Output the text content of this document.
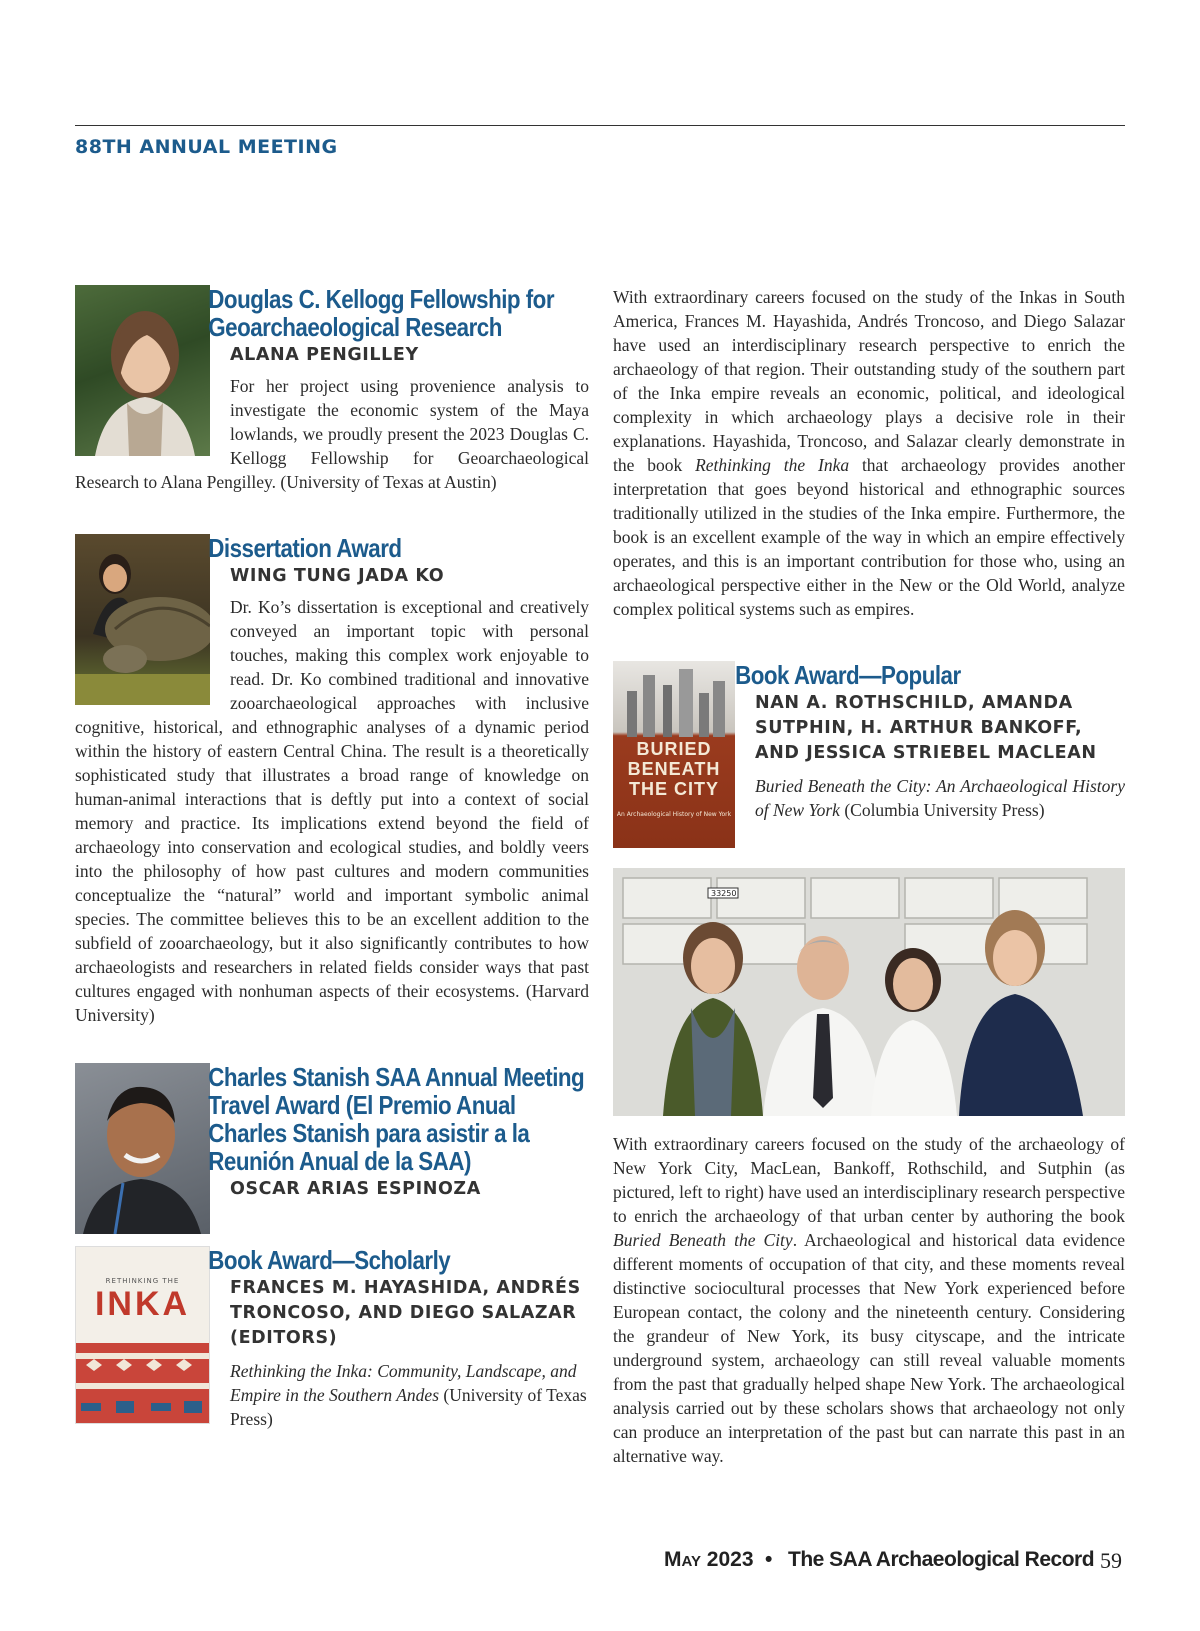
88TH ANNUAL MEETING
Douglas C. Kellogg Fellowship for Geoarchaeological Research
ALANA PENGILLEY

For her project using provenience analysis to investigate the economic system of the Maya lowlands, we proudly present the 2023 Douglas C. Kellogg Fellowship for Geoarchaeological Research to Alana Pengilley. (University of Texas at Austin)

Dissertation Award
WING TUNG JADA KO

Dr. Ko’s dissertation is exceptional and creatively conveyed an important topic with personal touches, making this complex work enjoyable to read. Dr. Ko combined traditional and innovative zooarchaeological approaches with inclusive cognitive, historical, and ethnographic analyses of a dynamic period within the history of eastern Central China. The result is a theoretically sophisticated study that illustrates a broad range of knowledge on human-animal interactions that is deftly put into a context of social memory and practice. Its implications extend beyond the field of archaeology into conservation and ecological studies, and boldly veers into the philosophy of how past cultures and modern communities conceptualize the “natural” world and important symbolic animal species. The committee believes this to be an excellent addition to the subfield of zooarchaeology, but it also significantly contributes to how archaeologists and researchers in related fields consider ways that past cultures engaged with nonhuman aspects of their ecosystems. (Harvard University)

Charles Stanish SAA Annual Meeting Travel Award (El Premio Anual Charles Stanish para asistir a la Reunión Anual de la SAA)
OSCAR ARIAS ESPINOZA
RETHINKING THE
INKA
Book Award—Scholarly
FRANCES M. HAYASHIDA, ANDRÉS TRONCOSO, AND DIEGO SALAZAR (EDITORS)

Rethinking the Inka: Community, Landscape, and Empire in the Southern Andes (University of Texas Press)

With extraordinary careers focused on the study of the Inkas in South America, Frances M. Hayashida, Andrés Troncoso, and Diego Salazar have used an interdisciplinary research perspective to enrich the archaeology of that region. Their outstanding study of the southern part of the Inka empire reveals an economic, political, and ideological complexity in which archaeology plays a decisive role in their explanations. Hayashida, Troncoso, and Salazar clearly demonstrate in the book Rethinking the Inka that archaeology provides another interpretation that goes beyond historical and ethnographic sources traditionally utilized in the studies of the Inka empire. Furthermore, the book is an excellent example of the way in which an empire effectively operates, and this is an important contribution for those who, using an archaeological perspective either in the New or the Old World, analyze complex political systems such as empires.

BURIED BENEATH THE CITY
An Archaeological History of New York
Book Award—Popular
NAN A. ROTHSCHILD, AMANDA SUTPHIN, H. ARTHUR BANKOFF, AND JESSICA STRIEBEL MACLEAN

Buried Beneath the City: An Archaeological History of New York (Columbia University Press)

33250

With extraordinary careers focused on the study of the archaeology of New York City, MacLean, Bankoff, Rothschild, and Sutphin (as pictured, left to right) have used an interdisciplinary research perspective to enrich the archaeology of that urban center by authoring the book Buried Beneath the City. Archaeological and historical data evidence different moments of occupation of that city, and these moments reveal distinctive sociocultural processes that New York experienced before European contact, the colony and the nineteenth century. Considering the grandeur of New York, its busy cityscape, and the intricate underground system, archaeology can still reveal valuable moments from the past that gradually helped shape New York. The archaeological analysis carried out by these scholars shows that archaeology not only can produce an interpretation of the past but can narrate this past in an alternative way.

May 2023 • The SAA Archaeological Record 59
